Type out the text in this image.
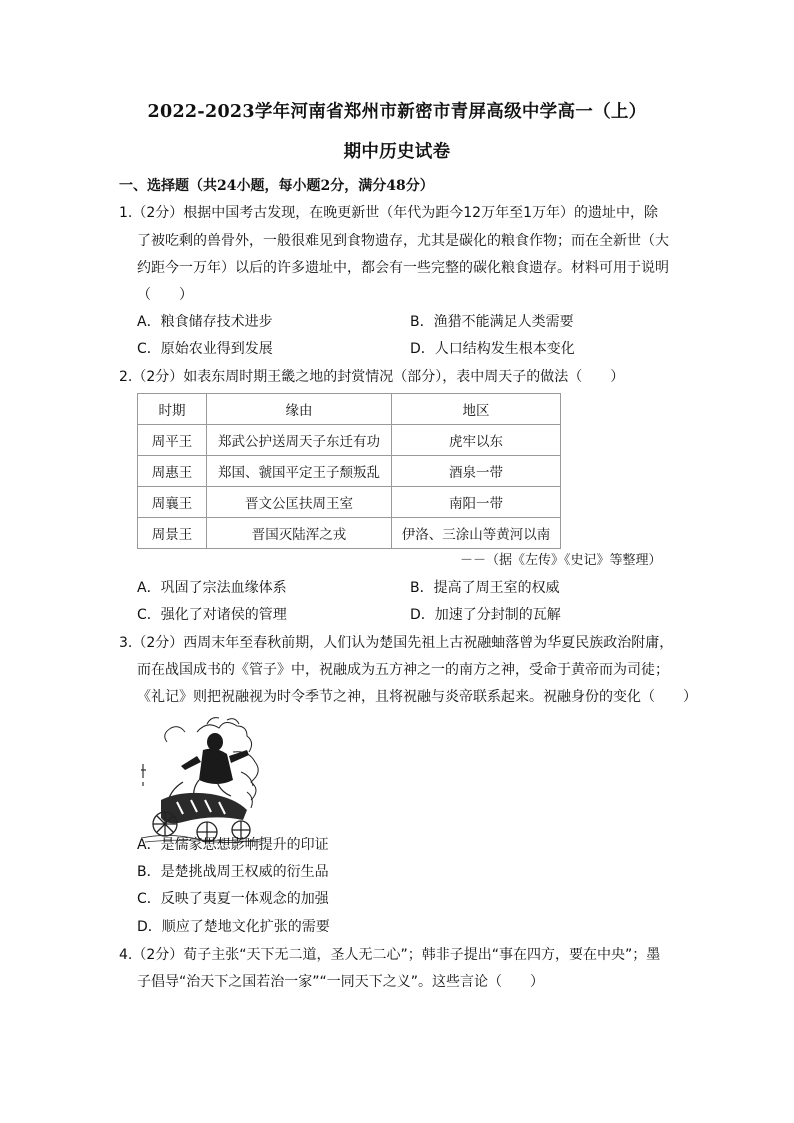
2022-2023学年河南省郑州市新密市青屏高级中学高一（上）
期中历史试卷
一、选择题（共24小题，每小题2分，满分48分）
1.（2分）根据中国考古发现，在晚更新世（年代为距今12万年至1万年）的遗址中，除
了被吃剩的兽骨外，一般很难见到食物遗存，尤其是碳化的粮食作物；而在全新世（大
约距今一万年）以后的许多遗址中，都会有一些完整的碳化粮食遗存。材料可用于说明
（　　）
A．粮食储存技术进步	B．渔猎不能满足人类需要
C．原始农业得到发展	D．人口结构发生根本变化
2.（2分）如表东周时期王畿之地的封赏情况（部分），表中周天子的做法（　　）
时期	缘由	地区
周平王	郑武公护送周天子东迁有功	虎牢以东
周惠王	郑国、虢国平定王子颓叛乱	酒泉一带
周襄王	晋文公匡扶周王室	南阳一带
周景王	晋国灭陆浑之戎	伊洛、三涂山等黄河以南
－－（据《左传》《史记》等整理）
A．巩固了宗法血缘体系	B．提高了周王室的权威
C．强化了对诸侯的管理	D．加速了分封制的瓦解
3.（2分）西周末年至春秋前期，人们认为楚国先祖上古祝融蚰落曾为华夏民族政治附庸，
而在战国成书的《管子》中，祝融成为五方神之一的南方之神，受命于黄帝而为司徒；
《礼记》则把祝融视为时令季节之神，且将祝融与炎帝联系起来。祝融身份的变化（　　）
A．是儒家思想影响提升的印证
B．是楚挑战周王权威的衍生品
C．反映了夷夏一体观念的加强
D．顺应了楚地文化扩张的需要
4.（2分）荀子主张“天下无二道，圣人无二心”；韩非子提出“事在四方，要在中央”；墨
子倡导“治天下之国若治一家”“一同天下之义”。这些言论（　　）
